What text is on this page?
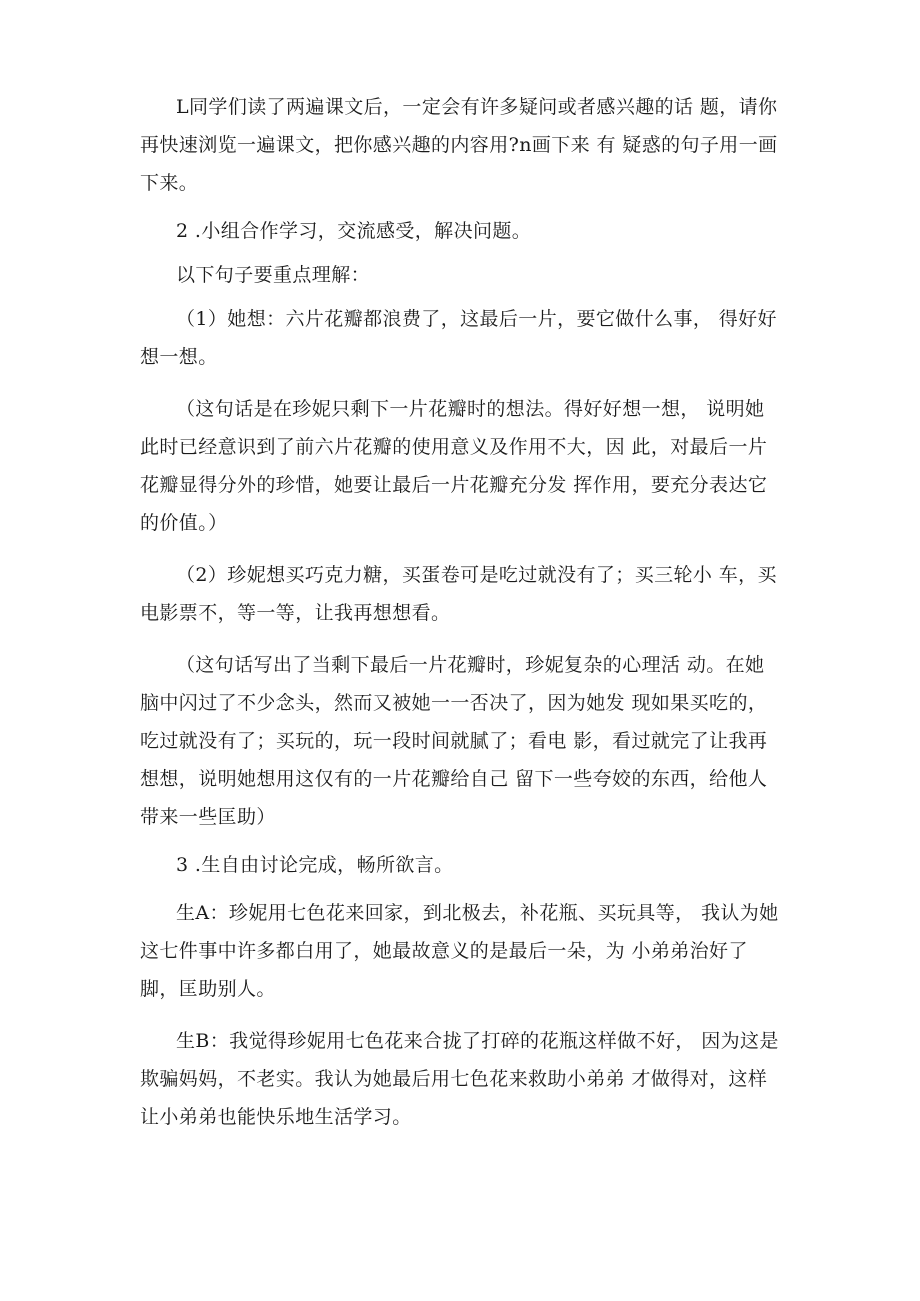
L同学们读了两遍课文后，一定会有许多疑问或者感兴趣的话 题，请你再快速浏览一遍课文，把你感兴趣的内容用?n画下来 有 疑惑的句子用一画下来。

2 .小组合作学习，交流感受，解决问题。

以下句子要重点理解：

（1）她想：六片花瓣都浪费了，这最后一片，要它做什么事， 得好好想一想。

（这句话是在珍妮只剩下一片花瓣时的想法。得好好想一想， 说明她此时已经意识到了前六片花瓣的使用意义及作用不大，因 此，对最后一片花瓣显得分外的珍惜，她要让最后一片花瓣充分发 挥作用，要充分表达它的价值。）

（2）珍妮想买巧克力糖，买蛋卷可是吃过就没有了；买三轮小 车，买电影票不，等一等，让我再想想看。

（这句话写出了当剩下最后一片花瓣时，珍妮复杂的心理活 动。在她脑中闪过了不少念头，然而又被她一一否决了，因为她发 现如果买吃的，吃过就没有了；买玩的，玩一段时间就腻了；看电 影，看过就完了让我再想想，说明她想用这仅有的一片花瓣给自己 留下一些夸姣的东西，给他人带来一些匡助）

3 .生自由讨论完成，畅所欲言。

生A：珍妮用七色花来回家，到北极去，补花瓶、买玩具等， 我认为她这七件事中许多都白用了，她最故意义的是最后一朵，为 小弟弟治好了脚，匡助别人。

生B：我觉得珍妮用七色花来合拢了打碎的花瓶这样做不好， 因为这是欺骗妈妈，不老实。我认为她最后用七色花来救助小弟弟 才做得对，这样让小弟弟也能快乐地生活学习。
